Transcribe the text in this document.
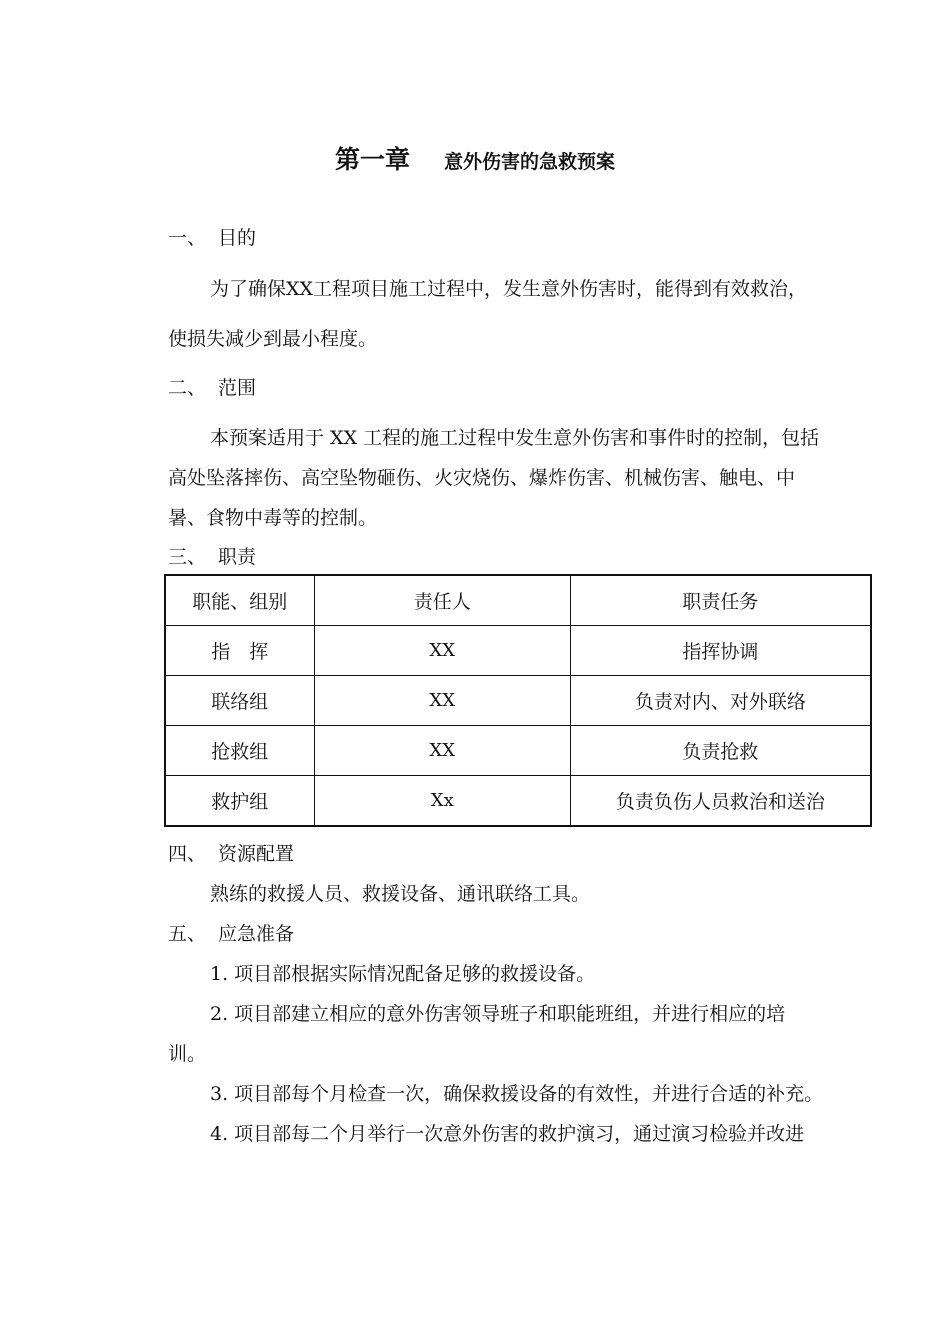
第一章 意外伤害的急救预案
一、 目的
为了确保XX工程项目施工过程中，发生意外伤害时，能得到有效救治，
使损失减少到最小程度。
二、 范围
本预案适用于 XX 工程的施工过程中发生意外伤害和事件时的控制，包括
高处坠落摔伤、高空坠物砸伤、火灾烧伤、爆炸伤害、机械伤害、触电、中
暑、食物中毒等的控制。
三、 职责
职能、组别	责任人	职责任务
指　挥	XX	指挥协调
联络组	XX	负责对内、对外联络
抢救组	XX	负责抢救
救护组	Xx	负责负伤人员救治和送治
四、 资源配置
熟练的救援人员、救援设备、通讯联络工具。
五、 应急准备
1. 项目部根据实际情况配备足够的救援设备。
2. 项目部建立相应的意外伤害领导班子和职能班组，并进行相应的培
训。
3. 项目部每个月检查一次，确保救援设备的有效性，并进行合适的补充。
4. 项目部每二个月举行一次意外伤害的救护演习，通过演习检验并改进
